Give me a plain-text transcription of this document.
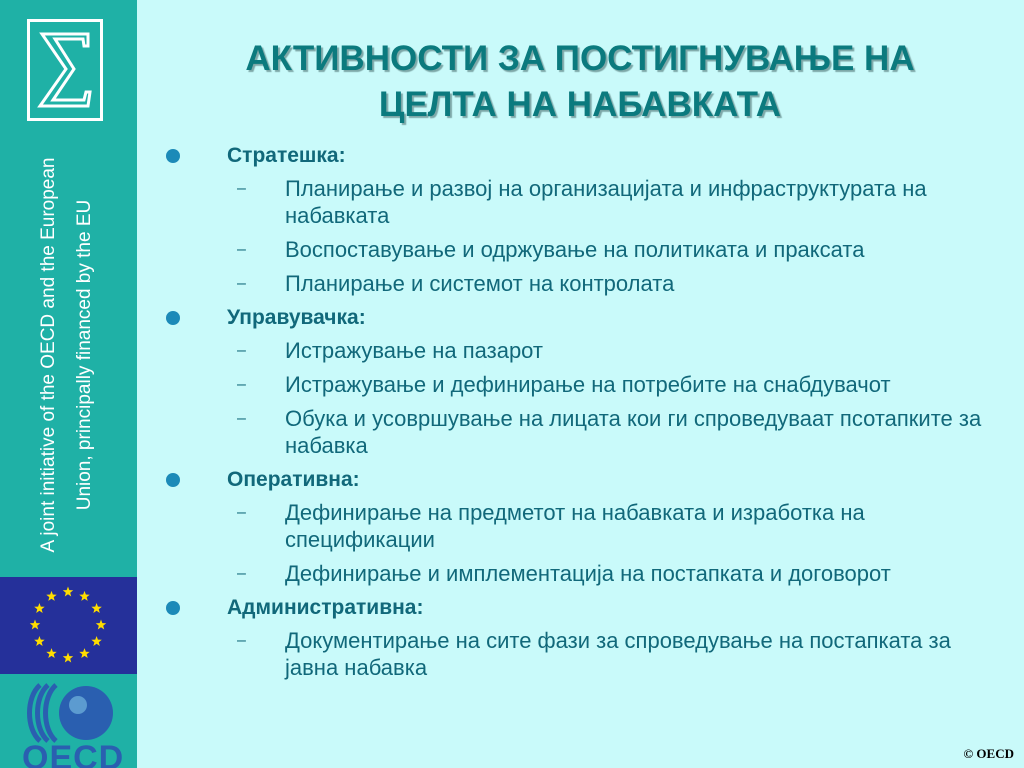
A joint initiative of the OECD and the European Union, principally financed by the EU
OECD
АКТИВНОСТИ ЗА ПОСТИГНУВАЊЕ НА
ЦЕЛТА НА НАБАВКАТА
Стратешка:
– Планирање и развој на организацијата и инфраструктурата на набавката
– Воспоставување и одржување на политиката и праксата
– Планирање и системот на контролата
Управувачка:
– Истражување на пазарот
– Истражување и дефинирање на потребите на снабдувачот
– Обука и усовршување на лицата кои ги спроведуваат псотапките за набавка
Оперативна:
– Дефинирање на предметот на набавката и изработка на спецификации
– Дефинирање и имплементација на постапката и договорот
Административна:
– Документирање на сите фази за спроведување на постапката за јавна набавка
© OECD
